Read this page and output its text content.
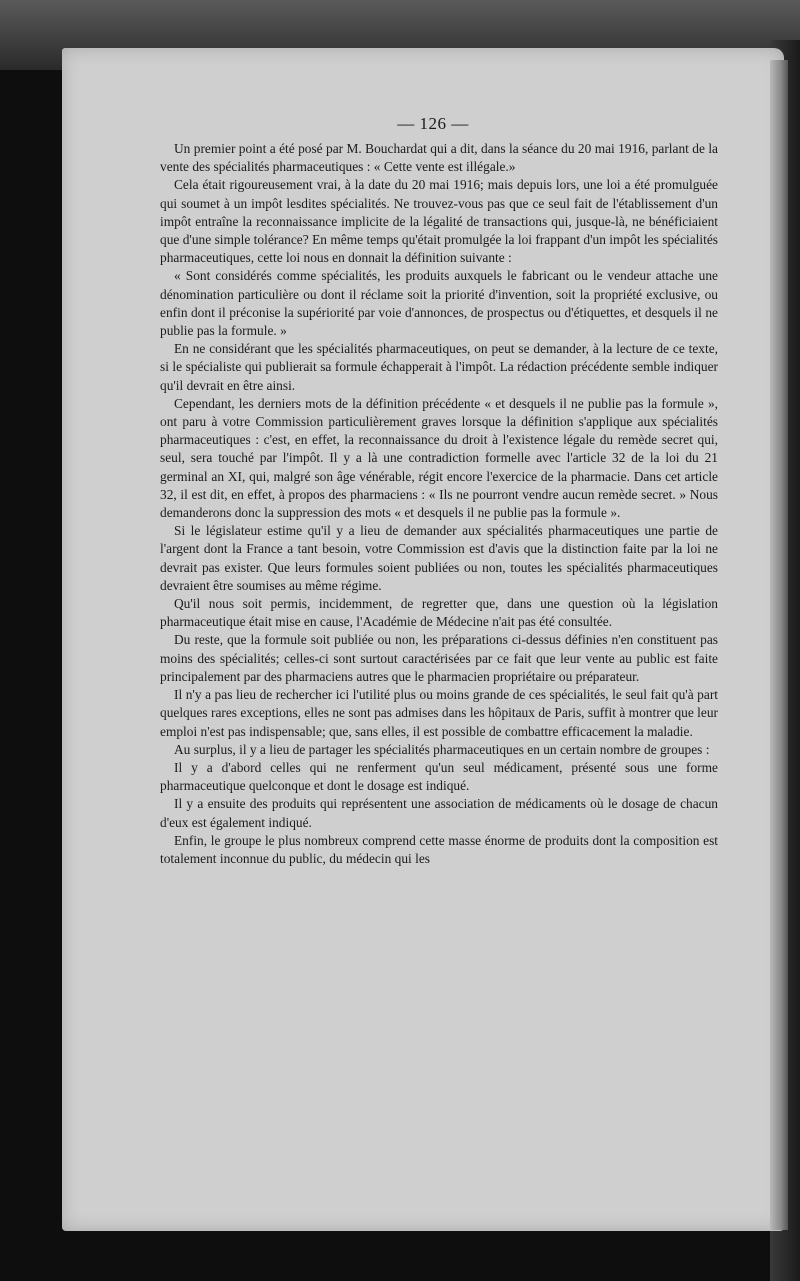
— 126 —

Un premier point a été posé par M. Bouchardat qui a dit, dans la séance du 20 mai 1916, parlant de la vente des spécialités pharmaceutiques : « Cette vente est illégale.»

Cela était rigoureusement vrai, à la date du 20 mai 1916; mais depuis lors, une loi a été promulguée qui soumet à un impôt lesdites spécialités. Ne trouvez-vous pas que ce seul fait de l'établissement d'un impôt entraîne la reconnaissance implicite de la légalité de transactions qui, jusque-là, ne bénéficiaient que d'une simple tolérance? En même temps qu'était promulgée la loi frappant d'un impôt les spécialités pharmaceutiques, cette loi nous en donnait la définition suivante :

« Sont considérés comme spécialités, les produits auxquels le fabricant ou le vendeur attache une dénomination particulière ou dont il réclame soit la priorité d'invention, soit la propriété exclusive, ou enfin dont il préconise la supériorité par voie d'annonces, de prospectus ou d'étiquettes, et desquels il ne publie pas la formule. »

En ne considérant que les spécialités pharmaceutiques, on peut se demander, à la lecture de ce texte, si le spécialiste qui publierait sa formule échapperait à l'impôt. La rédaction précédente semble indiquer qu'il devrait en être ainsi.

Cependant, les derniers mots de la définition précédente « et desquels il ne publie pas la formule », ont paru à votre Commission particulièrement graves lorsque la définition s'applique aux spécialités pharmaceutiques : c'est, en effet, la reconnaissance du droit à l'existence légale du remède secret qui, seul, sera touché par l'impôt. Il y a là une contradiction formelle avec l'article 32 de la loi du 21 germinal an XI, qui, malgré son âge vénérable, régit encore l'exercice de la pharmacie. Dans cet article 32, il est dit, en effet, à propos des pharmaciens : « Ils ne pourront vendre aucun remède secret. » Nous demanderons donc la suppression des mots « et desquels il ne publie pas la formule ».

Si le législateur estime qu'il y a lieu de demander aux spécialités pharmaceutiques une partie de l'argent dont la France a tant besoin, votre Commission est d'avis que la distinction faite par la loi ne devrait pas exister. Que leurs formules soient publiées ou non, toutes les spécialités pharmaceutiques devraient être soumises au même régime.

Qu'il nous soit permis, incidemment, de regretter que, dans une question où la législation pharmaceutique était mise en cause, l'Académie de Médecine n'ait pas été consultée.

Du reste, que la formule soit publiée ou non, les préparations ci-dessus définies n'en constituent pas moins des spécialités; celles-ci sont surtout caractérisées par ce fait que leur vente au public est faite principalement par des pharmaciens autres que le pharmacien propriétaire ou préparateur.

Il n'y a pas lieu de rechercher ici l'utilité plus ou moins grande de ces spécialités, le seul fait qu'à part quelques rares exceptions, elles ne sont pas admises dans les hôpitaux de Paris, suffit à montrer que leur emploi n'est pas indispensable; que, sans elles, il est possible de combattre efficacement la maladie.

Au surplus, il y a lieu de partager les spécialités pharmaceutiques en un certain nombre de groupes :

Il y a d'abord celles qui ne renferment qu'un seul médicament, présenté sous une forme pharmaceutique quelconque et dont le dosage est indiqué.

Il y a ensuite des produits qui représentent une association de médicaments où le dosage de chacun d'eux est également indiqué.

Enfin, le groupe le plus nombreux comprend cette masse énorme de produits dont la composition est totalement inconnue du public, du médecin qui les
